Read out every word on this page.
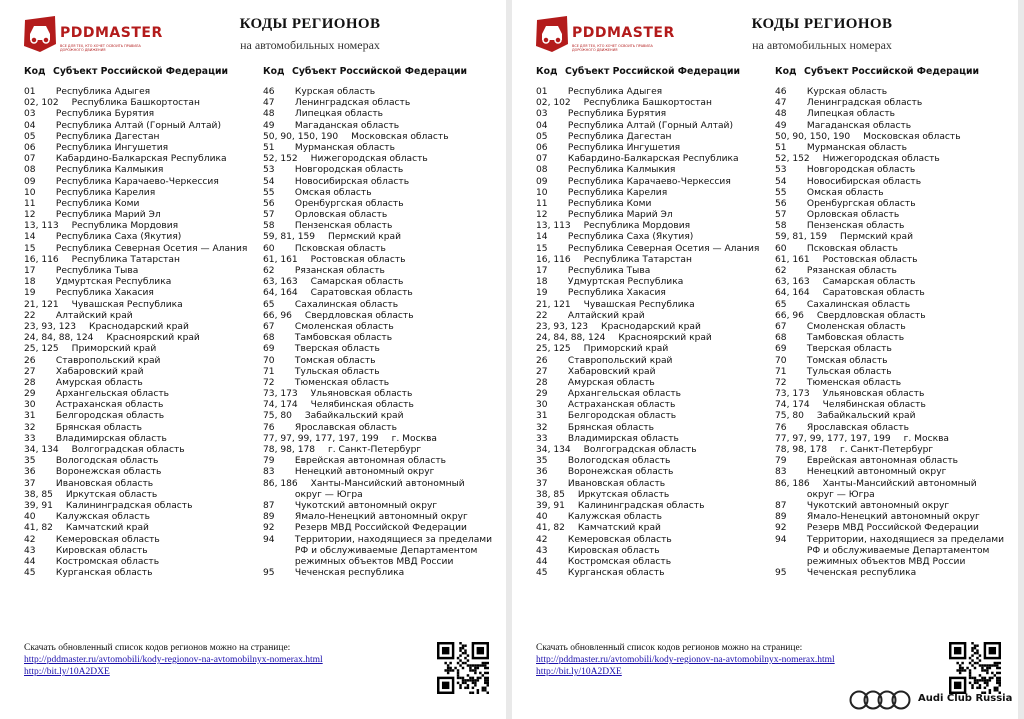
PDDMASTER
ВСЕ ДЛЯ ТЕХ, КТО ХОЧЕТ ОСВОИТЬ ПРАВИЛА ДОРОЖНОГО ДВИЖЕНИЯ
КОДЫ РЕГИОНОВ
на автомобильных номерах
Код Субъект Российской Федерации	Код Субъект Российской Федерации
01 Республика Адыгея
02, 102 Республика Башкортостан
03 Республика Бурятия
04 Республика Алтай (Горный Алтай)
05 Республика Дагестан
06 Республика Ингушетия
07 Кабардино-Балкарская Республика
08 Республика Калмыкия
09 Республика Карачаево-Черкессия
10 Республика Карелия
11 Республика Коми
12 Республика Марий Эл
13, 113 Республика Мордовия
14 Республика Саха (Якутия)
15 Республика Северная Осетия — Алания
16, 116 Республика Татарстан
17 Республика Тыва
18 Удмуртская Республика
19 Республика Хакасия
21, 121 Чувашская Республика
22 Алтайский край
23, 93, 123 Краснодарский край
24, 84, 88, 124 Красноярский край
25, 125 Приморский край
26 Ставропольский край
27 Хабаровский край
28 Амурская область
29 Архангельская область
30 Астраханская область
31 Белгородская область
32 Брянская область
33 Владимирская область
34, 134 Волгоградская область
35 Вологодская область
36 Воронежская область
37 Ивановская область
38, 85 Иркутская область
39, 91 Калининградская область
40 Калужская область
41, 82 Камчатский край
42 Кемеровская область
43 Кировская область
44 Костромская область
45 Курганская область
46 Курская область
47 Ленинградская область
48 Липецкая область
49 Магаданская область
50, 90, 150, 190 Московская область
51 Мурманская область
52, 152 Нижегородская область
53 Новгородская область
54 Новосибирская область
55 Омская область
56 Оренбургская область
57 Орловская область
58 Пензенская область
59, 81, 159 Пермский край
60 Псковская область
61, 161 Ростовская область
62 Рязанская область
63, 163 Самарская область
64, 164 Саратовская область
65 Сахалинская область
66, 96 Свердловская область
67 Смоленская область
68 Тамбовская область
69 Тверская область
70 Томская область
71 Тульская область
72 Тюменская область
73, 173 Ульяновская область
74, 174 Челябинская область
75, 80 Забайкальский край
76 Ярославская область
77, 97, 99, 177, 197, 199 г. Москва
78, 98, 178 г. Санкт-Петербург
79 Еврейская автономная область
83 Ненецкий автономный округ
86, 186 Ханты-Мансийский автономный
округ — Югра
87 Чукотский автономный округ
89 Ямало-Ненецкий автономный округ
92 Резерв МВД Российской Федерации
94 Территории, находящиеся за пределами
РФ и обслуживаемые Департаментом
режимных объектов МВД России
95 Чеченская республика
Скачать обновленный список кодов регионов можно на странице:
http://pddmaster.ru/avtomobili/kody-regionov-na-avtomobilnyx-nomerax.html
http://bit.ly/10A2DXE
PDDMASTER
ВСЕ ДЛЯ ТЕХ, КТО ХОЧЕТ ОСВОИТЬ ПРАВИЛА ДОРОЖНОГО ДВИЖЕНИЯ
КОДЫ РЕГИОНОВ
на автомобильных номерах
Код Субъект Российской Федерации	Код Субъект Российской Федерации
01 Республика Адыгея
02, 102 Республика Башкортостан
03 Республика Бурятия
04 Республика Алтай (Горный Алтай)
05 Республика Дагестан
06 Республика Ингушетия
07 Кабардино-Балкарская Республика
08 Республика Калмыкия
09 Республика Карачаево-Черкессия
10 Республика Карелия
11 Республика Коми
12 Республика Марий Эл
13, 113 Республика Мордовия
14 Республика Саха (Якутия)
15 Республика Северная Осетия — Алания
16, 116 Республика Татарстан
17 Республика Тыва
18 Удмуртская Республика
19 Республика Хакасия
21, 121 Чувашская Республика
22 Алтайский край
23, 93, 123 Краснодарский край
24, 84, 88, 124 Красноярский край
25, 125 Приморский край
26 Ставропольский край
27 Хабаровский край
28 Амурская область
29 Архангельская область
30 Астраханская область
31 Белгородская область
32 Брянская область
33 Владимирская область
34, 134 Волгоградская область
35 Вологодская область
36 Воронежская область
37 Ивановская область
38, 85 Иркутская область
39, 91 Калининградская область
40 Калужская область
41, 82 Камчатский край
42 Кемеровская область
43 Кировская область
44 Костромская область
45 Курганская область
46 Курская область
47 Ленинградская область
48 Липецкая область
49 Магаданская область
50, 90, 150, 190 Московская область
51 Мурманская область
52, 152 Нижегородская область
53 Новгородская область
54 Новосибирская область
55 Омская область
56 Оренбургская область
57 Орловская область
58 Пензенская область
59, 81, 159 Пермский край
60 Псковская область
61, 161 Ростовская область
62 Рязанская область
63, 163 Самарская область
64, 164 Саратовская область
65 Сахалинская область
66, 96 Свердловская область
67 Смоленская область
68 Тамбовская область
69 Тверская область
70 Томская область
71 Тульская область
72 Тюменская область
73, 173 Ульяновская область
74, 174 Челябинская область
75, 80 Забайкальский край
76 Ярославская область
77, 97, 99, 177, 197, 199 г. Москва
78, 98, 178 г. Санкт-Петербург
79 Еврейская автономная область
83 Ненецкий автономный округ
86, 186 Ханты-Мансийский автономный
округ — Югра
87 Чукотский автономный округ
89 Ямало-Ненецкий автономный округ
92 Резерв МВД Российской Федерации
94 Территории, находящиеся за пределами
РФ и обслуживаемые Департаментом
режимных объектов МВД России
95 Чеченская республика
Скачать обновленный список кодов регионов можно на странице:
http://pddmaster.ru/avtomobili/kody-regionov-na-avtomobilnyx-nomerax.html
http://bit.ly/10A2DXE
Audi Club Russia
